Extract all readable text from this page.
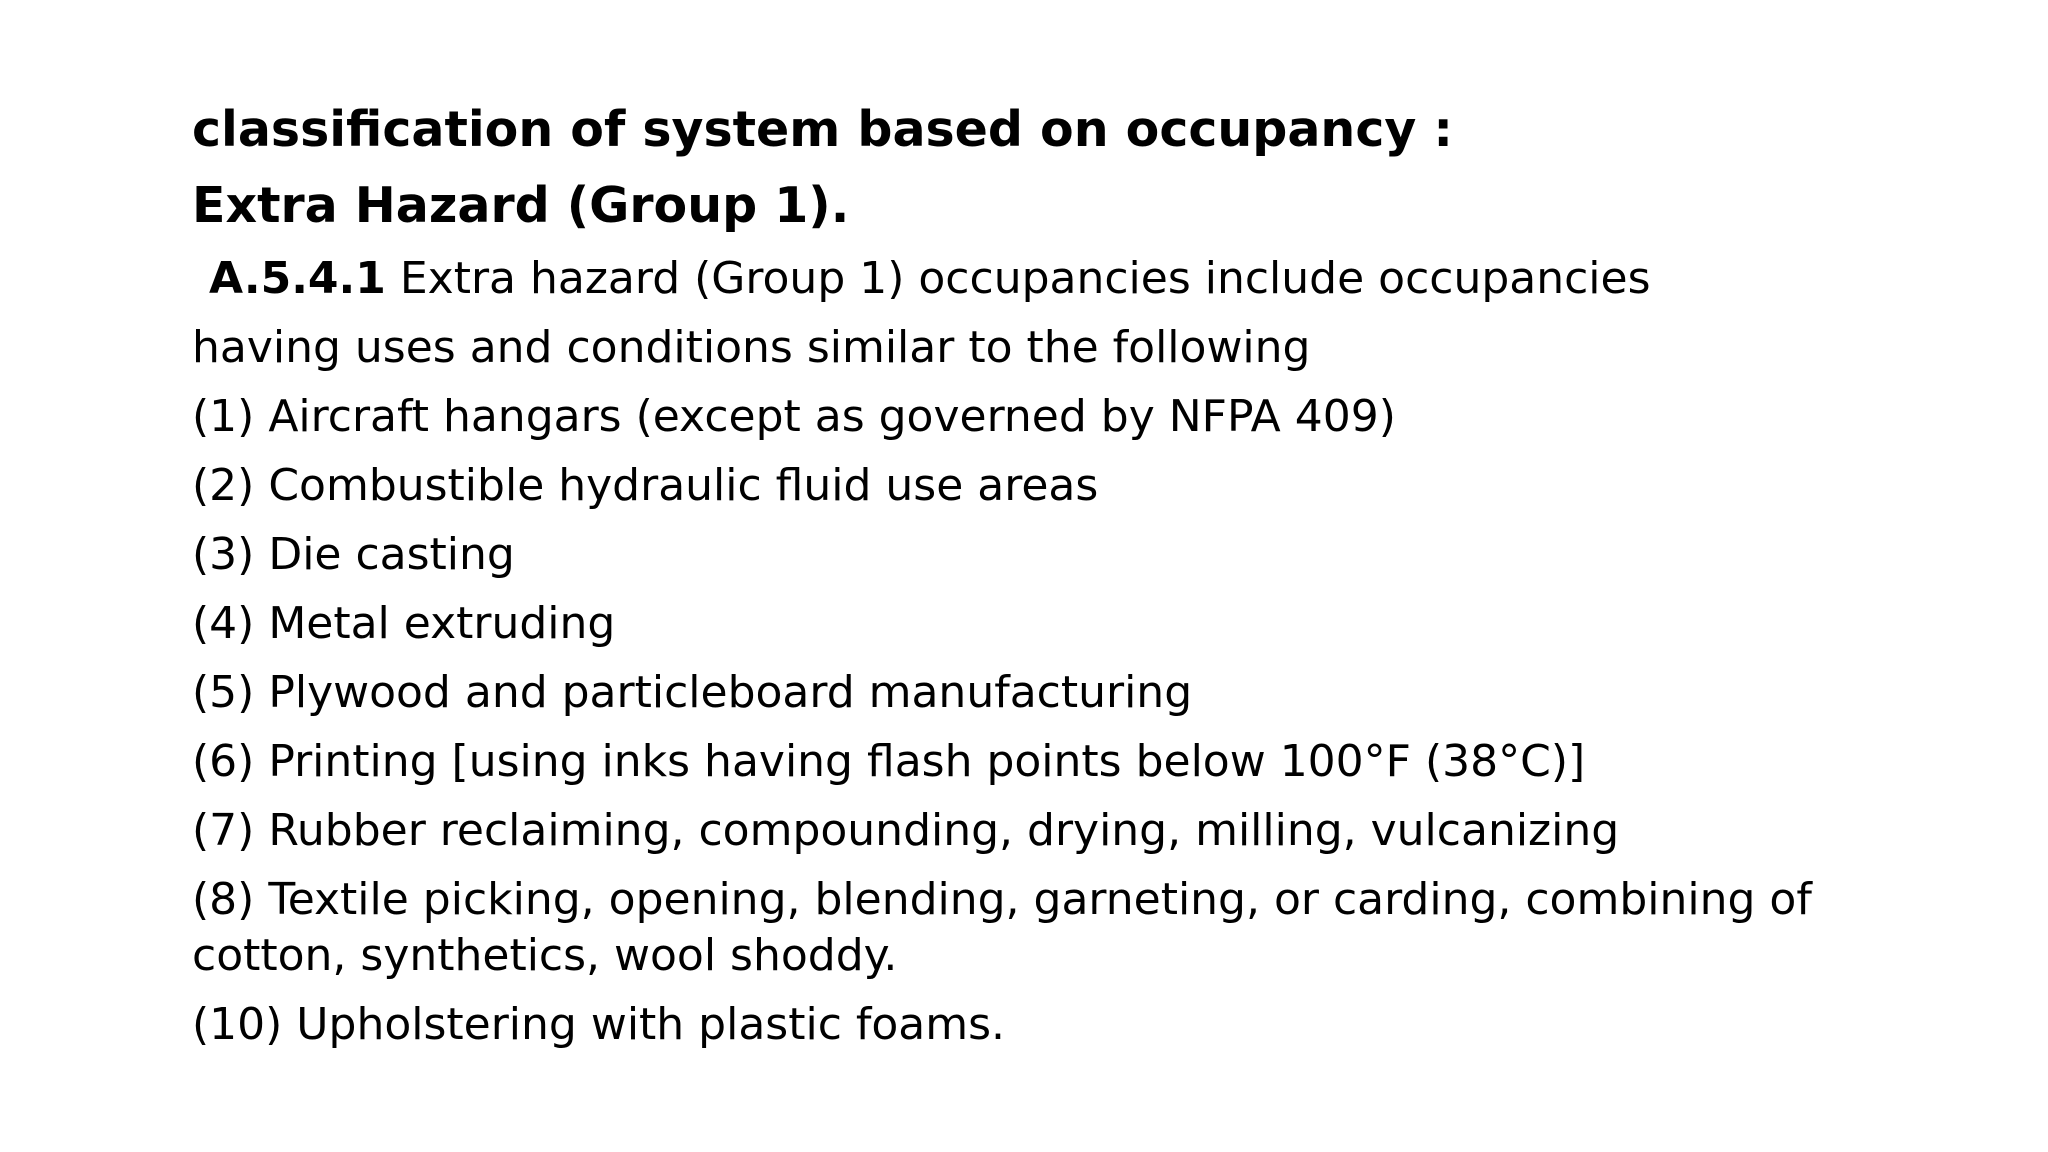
classification of system based on occupancy :
Extra Hazard (Group 1).

A.5.4.1 Extra hazard (Group 1) occupancies include occupancies

having uses and conditions similar to the following

(1) Aircraft hangars (except as governed by NFPA 409)
(2) Combustible hydraulic fluid use areas
(3) Die casting
(4) Metal extruding
(5) Plywood and particleboard manufacturing
(6) Printing [using inks having flash points below 100°F (38°C)]
(7) Rubber reclaiming, compounding, drying, milling, vulcanizing
(8) Textile picking, opening, blending, garneting, or carding, combining of cotton, synthetics, wool shoddy.
(10) Upholstering with plastic foams.
